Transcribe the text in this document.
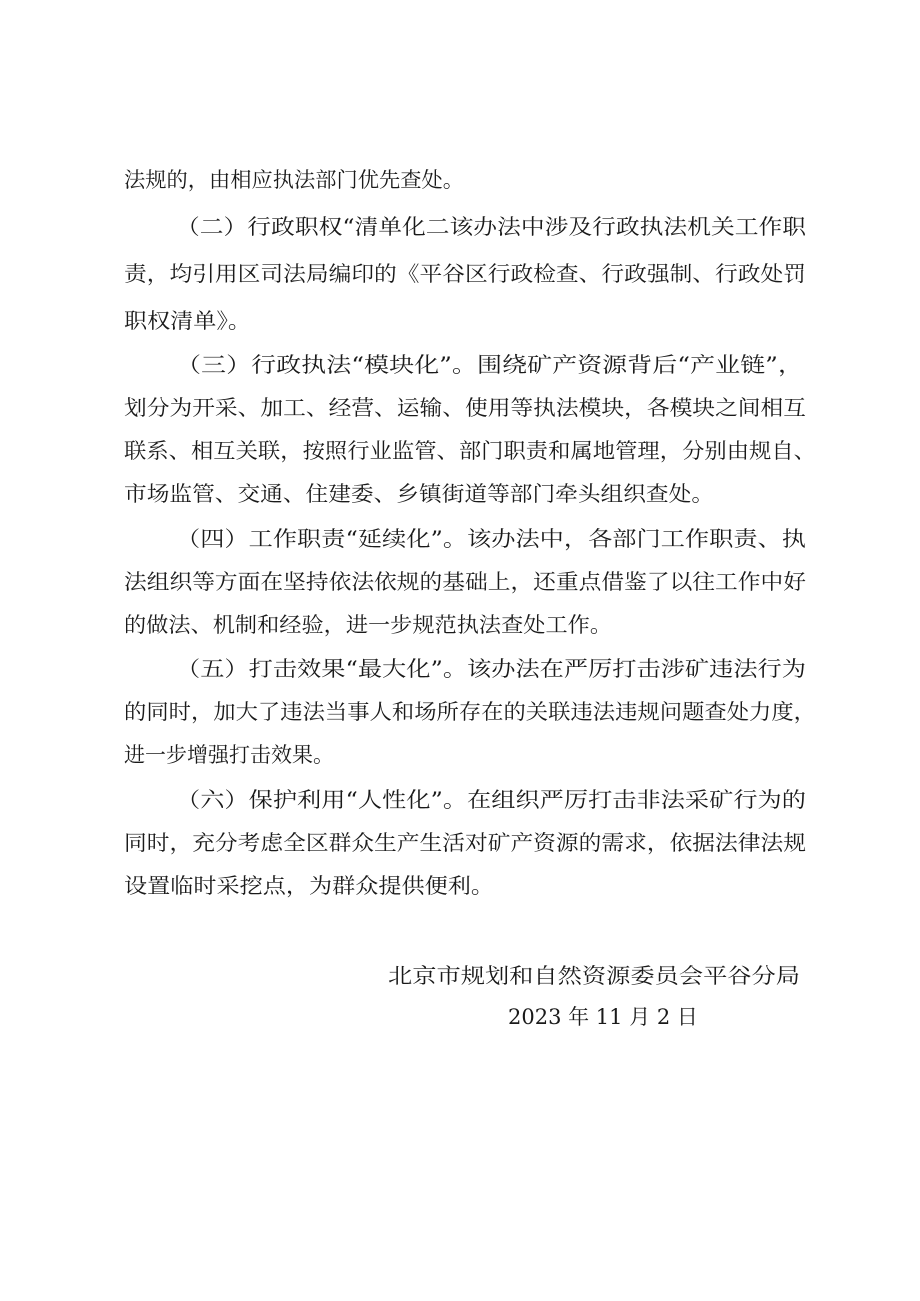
法规的，由相应执法部门优先查处。
（二）行政职权“清单化二该办法中涉及行政执法机关工作职
责，均引用区司法局编印的《平谷区行政检查、行政强制、行政处罚
职权清单》。
（三）行政执法“模块化”。围绕矿产资源背后“产业链”，
划分为开采、加工、经营、运输、使用等执法模块，各模块之间相互
联系、相互关联，按照行业监管、部门职责和属地管理，分别由规自、
市场监管、交通、住建委、乡镇街道等部门牵头组织查处。
（四）工作职责“延续化”。该办法中，各部门工作职责、执
法组织等方面在坚持依法依规的基础上，还重点借鉴了以往工作中好
的做法、机制和经验，进一步规范执法查处工作。
（五）打击效果“最大化”。该办法在严厉打击涉矿违法行为
的同时，加大了违法当事人和场所存在的关联违法违规问题查处力度，
进一步增强打击效果。
（六）保护利用“人性化”。在组织严厉打击非法采矿行为的
同时，充分考虑全区群众生产生活对矿产资源的需求，依据法律法规
设置临时采挖点，为群众提供便利。
北京市规划和自然资源委员会平谷分局
2023 年 11 月 2 日
